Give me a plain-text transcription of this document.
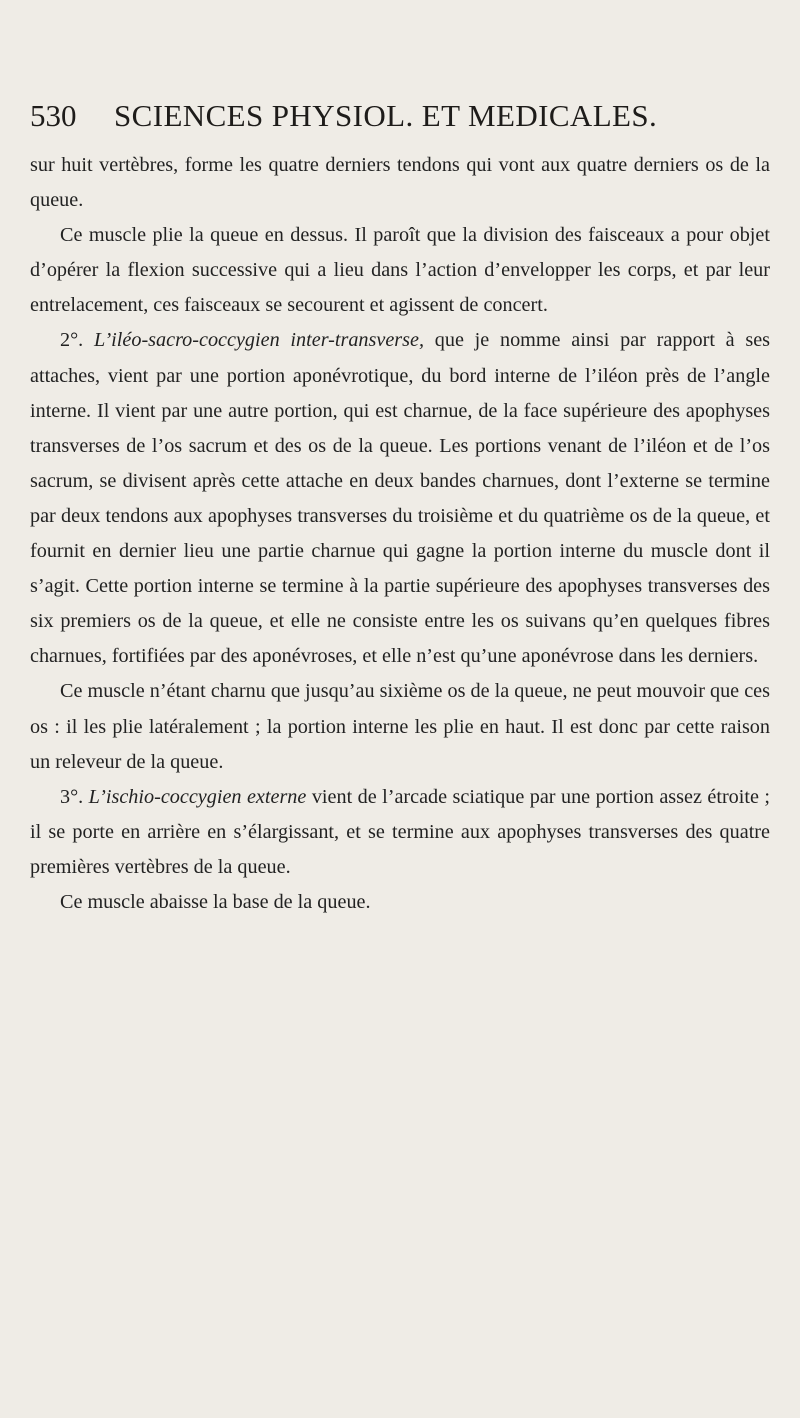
530 SCIENCES PHYSIOL. ET MEDICALES.

sur huit vertèbres, forme les quatre derniers tendons qui vont aux quatre derniers os de la queue.

Ce muscle plie la queue en dessus. Il paroît que la division des faisceaux a pour objet d’opérer la flexion successive qui a lieu dans l’action d’envelopper les corps, et par leur entrelacement, ces faisceaux se secourent et agissent de concert.

2°. L’iléo-sacro-coccygien inter-transverse, que je nomme ainsi par rapport à ses attaches, vient par une portion aponévrotique, du bord interne de l’iléon près de l’angle interne. Il vient par une autre portion, qui est charnue, de la face supérieure des apophyses transverses de l’os sacrum et des os de la queue. Les portions venant de l’iléon et de l’os sacrum, se divisent après cette attache en deux bandes charnues, dont l’externe se termine par deux tendons aux apophyses transverses du troisième et du quatrième os de la queue, et fournit en dernier lieu une partie charnue qui gagne la portion interne du muscle dont il s’agit. Cette portion interne se termine à la partie supérieure des apophyses transverses des six premiers os de la queue, et elle ne consiste entre les os suivans qu’en quelques fibres charnues, fortifiées par des aponévroses, et elle n’est qu’une aponévrose dans les derniers.

Ce muscle n’étant charnu que jusqu’au sixième os de la queue, ne peut mouvoir que ces os : il les plie latéralement ; la portion interne les plie en haut. Il est donc par cette raison un releveur de la queue.

3°. L’ischio-coccygien externe vient de l’arcade sciatique par une portion assez étroite ; il se porte en arrière en s’élargissant, et se termine aux apophyses transverses des quatre premières vertèbres de la queue.

Ce muscle abaisse la base de la queue.
